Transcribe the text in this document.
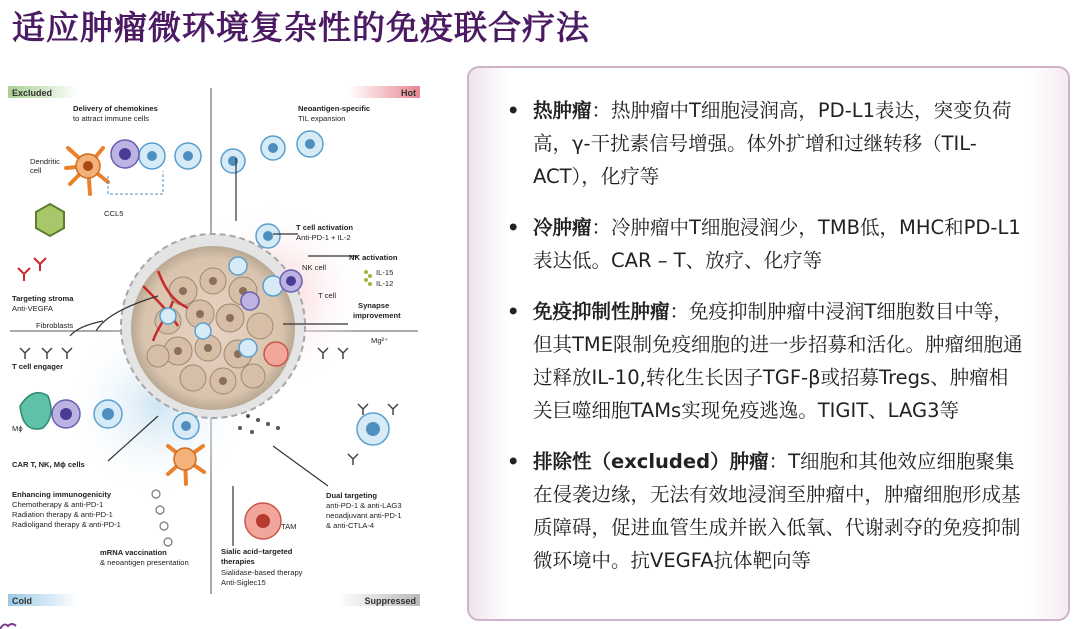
适应肿瘤微环境复杂性的免疫联合疗法
Excluded	Hot
Cold	Suppressed
Delivery of chemokines
to attract immune cells
Dendritic
cell
CCL5
Neoantigen-specific
TIL expansion
T cell activation
Anti-PD-1 + IL-2
NK activation
IL-15
IL-12
NK cell
T cell
Synapse
improvement
Mg²⁺
Targeting stroma
Anti-VEGFA
Fibroblasts
T cell engager
Mϕ
CAR T, NK, Mϕ cells
Enhancing immunogenicity
Chemotherapy & anti-PD-1
Radiation therapy & anti-PD-1
Radioligand therapy & anti-PD-1
mRNA vaccination
& neoantigen presentation
TAM
Sialic acid–targeted
therapies
Sialidase-based therapy
Anti-Siglec15
Dual targeting
anti-PD-1 & anti-LAG3
neoadjuvant anti-PD-1
& anti-CTLA-4
• 热肿瘤：热肿瘤中T细胞浸润高，PD-L1表达，突变负荷高，γ-干扰素信号增强。体外扩增和过继转移（TIL-ACT），化疗等
• 冷肿瘤：冷肿瘤中T细胞浸润少，TMB低，MHC和PD-L1表达低。CAR – T、放疗、化疗等
• 免疫抑制性肿瘤：免疫抑制肿瘤中浸润T细胞数目中等，但其TME限制免疫细胞的进一步招募和活化。肿瘤细胞通过释放IL-10,转化生长因子TGF-β或招募Tregs、肿瘤相关巨噬细胞TAMs实现免疫逃逸。TIGIT、LAG3等
• 排除性（excluded）肿瘤：T细胞和其他效应细胞聚集在侵袭边缘，无法有效地浸润至肿瘤中，肿瘤细胞形成基质障碍，促进血管生成并嵌入低氧、代谢剥夺的免疫抑制微环境中。抗VEGFA抗体靶向等
